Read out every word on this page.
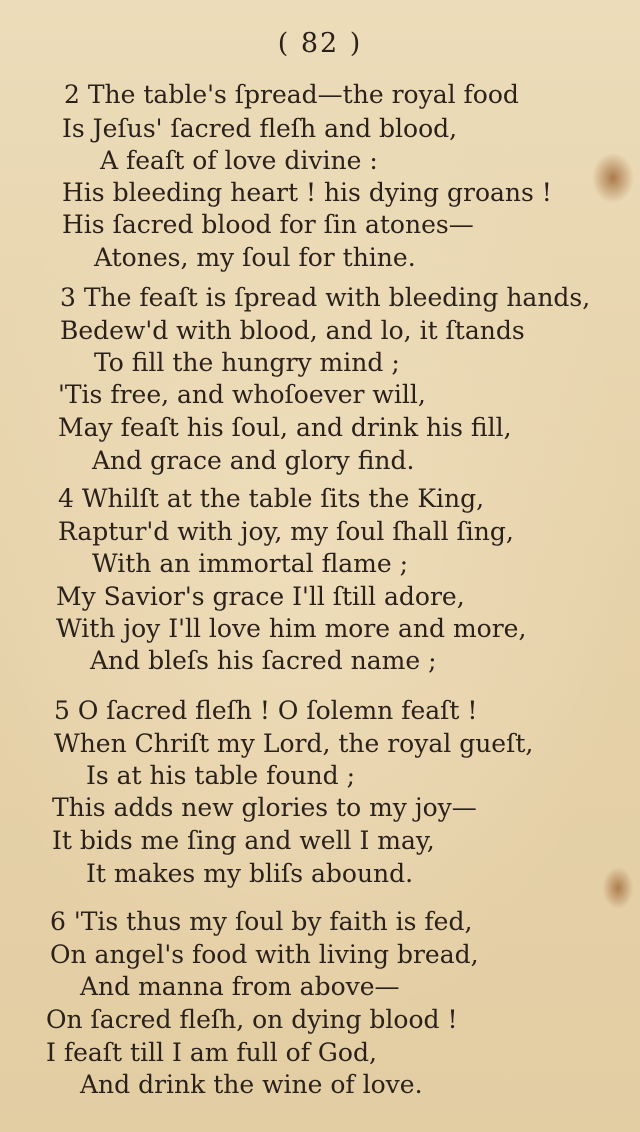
( 82 )
2 The table's ſpread—the royal food
Is Jeſus' ſacred fleſh and blood,
A feaſt of love divine :
His bleeding heart ! his dying groans !
His ſacred blood for ſin atones—
Atones, my ſoul for thine.
3 The feaſt is ſpread with bleeding hands,
Bedew'd with blood, and lo, it ſtands
To fill the hungry mind ;
'Tis free, and whoſoever will,
May feaſt his ſoul, and drink his fill,
And grace and glory find.
4 Whilſt at the table ſits the King,
Raptur'd with joy, my ſoul ſhall ſing,
With an immortal flame ;
My Savior's grace I'll ſtill adore,
With joy I'll love him more and more,
And bleſs his ſacred name ;
5 O ſacred fleſh ! O ſolemn feaſt !
When Chriſt my Lord, the royal gueſt,
Is at his table found ;
This adds new glories to my joy—
It bids me ſing and well I may,
It makes my bliſs abound.
6 'Tis thus my ſoul by faith is fed,
On angel's food with living bread,
And manna from above—
On ſacred fleſh, on dying blood !
I feaſt till I am full of God,
And drink the wine of love.
